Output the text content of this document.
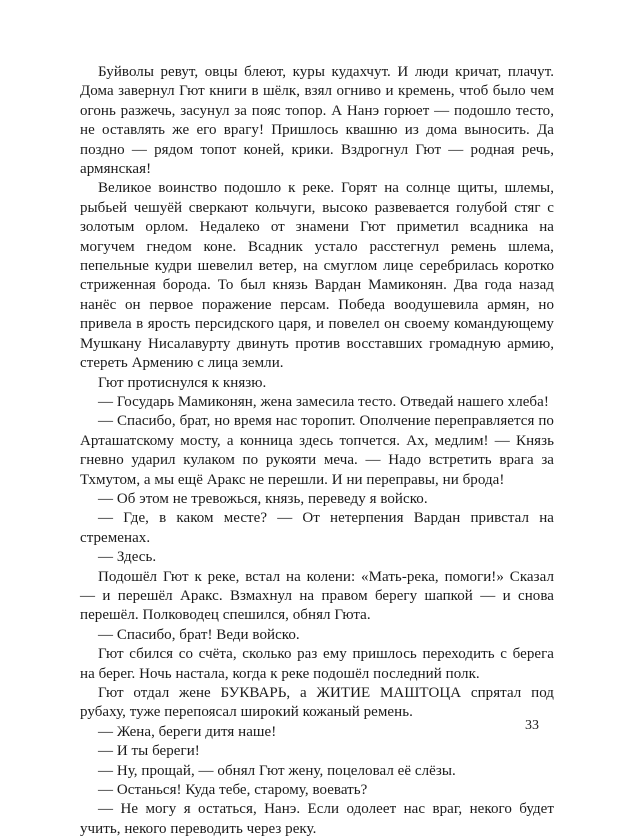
Буйволы ревут, овцы блеют, куры кудахчут. И люди кричат, плачут. Дома завернул Гют книги в шёлк, взял огниво и кремень, чтоб было чем огонь разжечь, засунул за пояс топор. А Нанэ горюет — подошло тесто, не оставлять же его врагу! Пришлось квашню из дома выносить. Да поздно — рядом топот коней, крики. Вздрогнул Гют — родная речь, армянская!

Великое воинство подошло к реке. Горят на солнце щиты, шлемы, рыбьей чешуёй сверкают кольчуги, высоко развевается голубой стяг с золотым орлом. Недалеко от знамени Гют приметил всадника на могучем гнедом коне. Всадник устало расстегнул ремень шлема, пепельные кудри шевелил ветер, на смуглом лице серебрилась коротко стриженная борода. То был князь Вардан Мамиконян. Два года назад нанёс он первое поражение персам. Победа воодушевила армян, но привела в ярость персидского царя, и повелел он своему командующему Мушкану Нисалавурту двинуть против восставших громадную армию, стереть Армению с лица земли.

Гют протиснулся к князю.

— Государь Мамиконян, жена замесила тесто. Отведай нашего хлеба!

— Спасибо, брат, но время нас торопит. Ополчение переправляется по Арташатскому мосту, а конница здесь топчется. Ах, медлим! — Князь гневно ударил кулаком по рукояти меча. — Надо встретить врага за Тхмутом, а мы ещё Аракс не перешли. И ни переправы, ни брода!

— Об этом не тревожься, князь, переведу я войско.

— Где, в каком месте? — От нетерпения Вардан привстал на стременах.

— Здесь.

Подошёл Гют к реке, встал на колени: «Мать-река, помоги!» Сказал — и перешёл Аракс. Взмахнул на правом берегу шапкой — и снова перешёл. Полководец спешился, обнял Гюта.

— Спасибо, брат! Веди войско.

Гют сбился со счёта, сколько раз ему пришлось переходить с берега на берег. Ночь настала, когда к реке подошёл последний полк.

Гют отдал жене БУКВАРЬ, а ЖИТИЕ МАШТОЦА спрятал под рубаху, туже перепоясал широкий кожаный ремень.

— Жена, береги дитя наше!

— И ты береги!

— Ну, прощай, — обнял Гют жену, поцеловал её слёзы.

— Останься! Куда тебе, старому, воевать?

— Не могу я остаться, Нанэ. Если одолеет нас враг, некого будет учить, некого переводить через реку.

33
